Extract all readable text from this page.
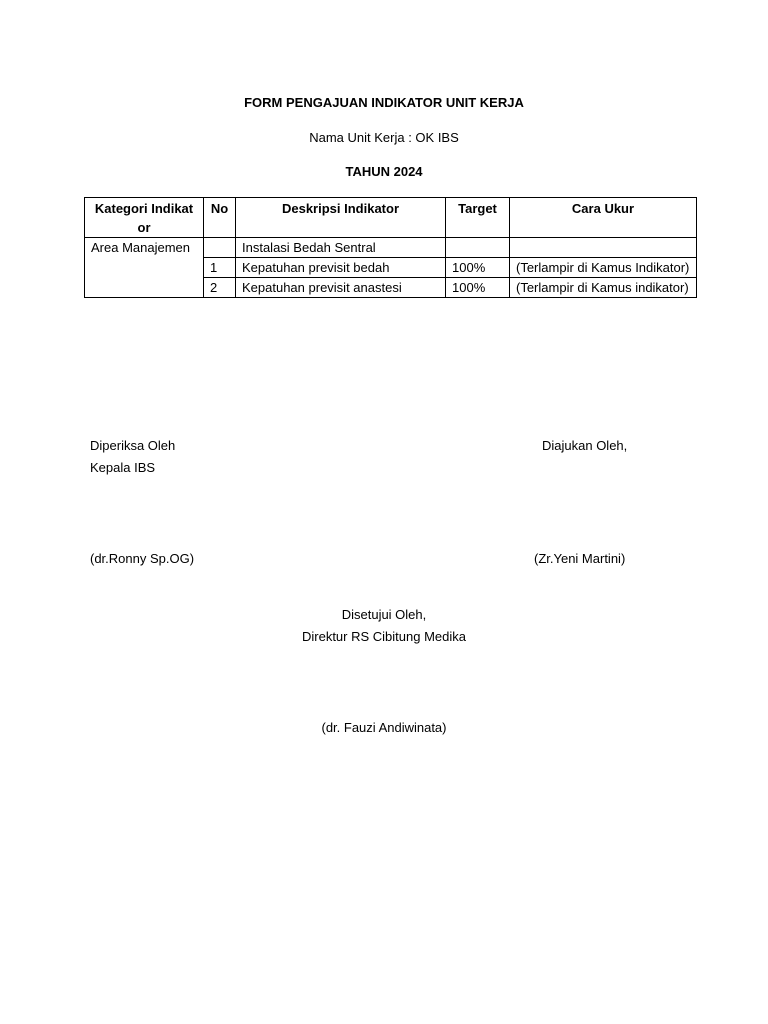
FORM PENGAJUAN INDIKATOR UNIT KERJA
Nama Unit Kerja : OK IBS
TAHUN 2024
Kategori Indikator	No	Deskripsi Indikator	Target	Cara Ukur
Area Manajemen		Instalasi Bedah Sentral		
	1	Kepatuhan previsit bedah	100%	(Terlampir di Kamus Indikator)
	2	Kepatuhan previsit anastesi	100%	(Terlampir di Kamus indikator)
Diperiksa Oleh
Kepala IBS
(dr.Ronny Sp.OG)
Diajukan Oleh,
(Zr.Yeni Martini)
Disetujui Oleh,
Direktur RS Cibitung Medika
(dr. Fauzi Andiwinata)
